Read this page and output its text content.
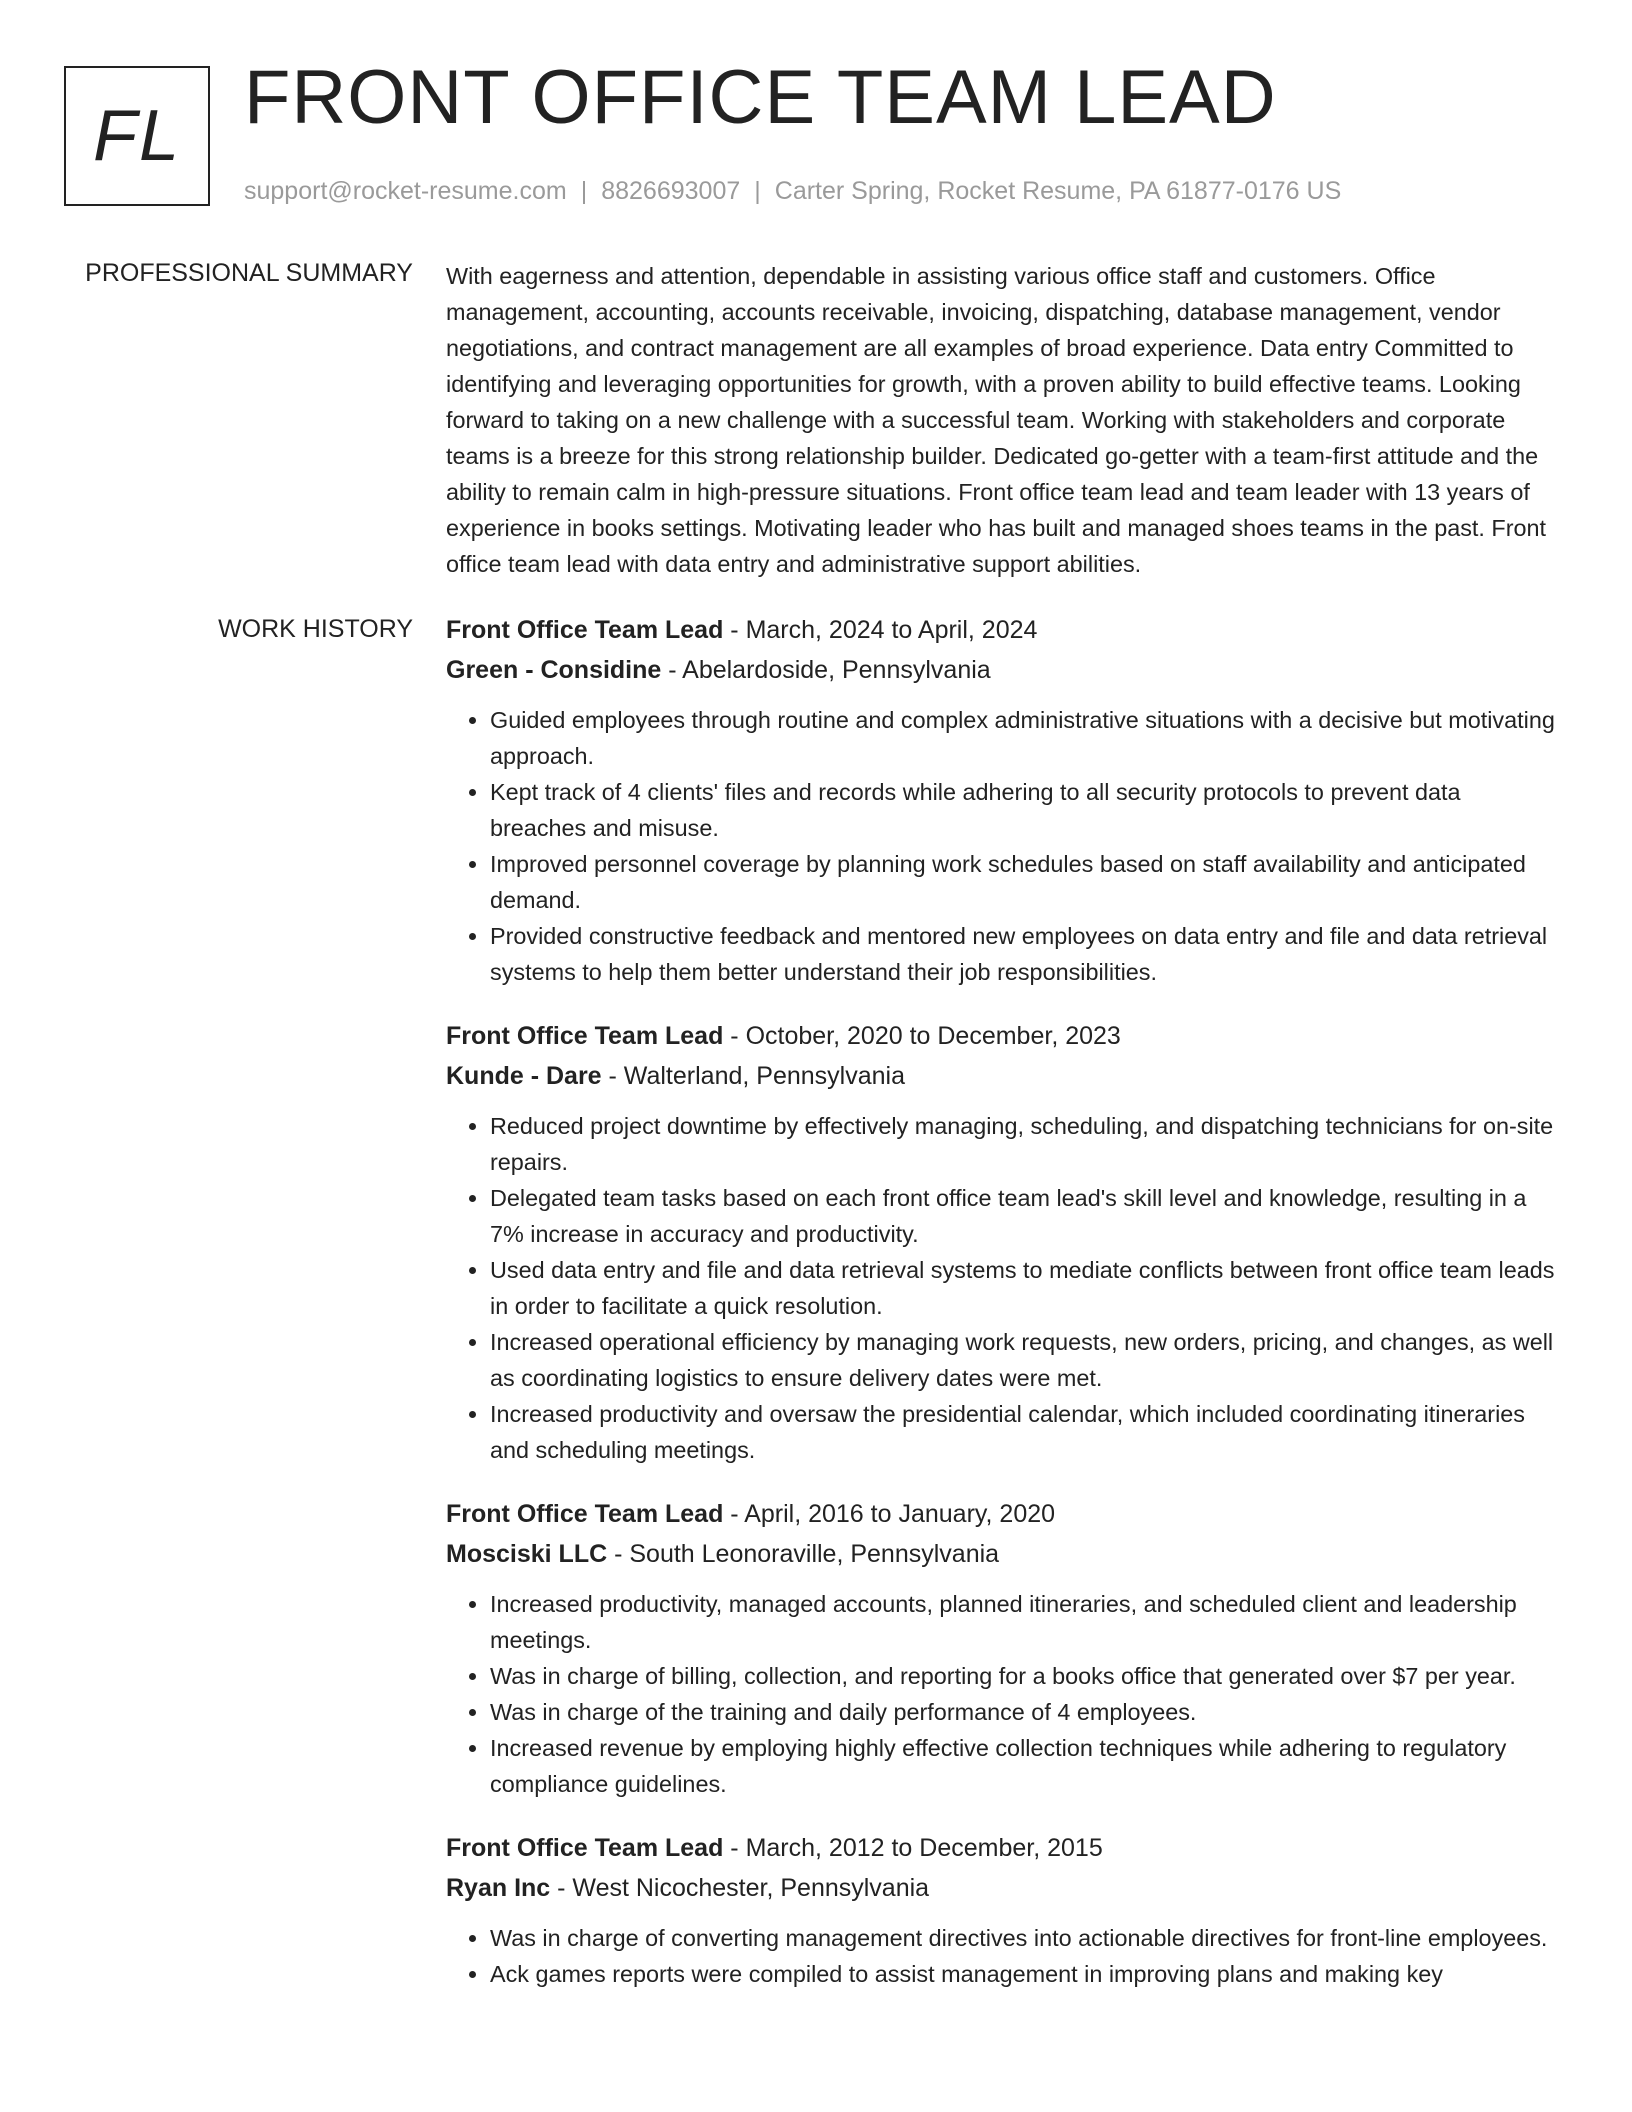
FL FRONT OFFICE TEAM LEAD
support@rocket-resume.com | 8826693007 | Carter Spring, Rocket Resume, PA 61877-0176 US
PROFESSIONAL SUMMARY With eagerness and attention, dependable in assisting various office staff and customers. Office management, accounting, accounts receivable, invoicing, dispatching, database management, vendor negotiations, and contract management are all examples of broad experience. Data entry Committed to identifying and leveraging opportunities for growth, with a proven ability to build effective teams. Looking forward to taking on a new challenge with a successful team. Working with stakeholders and corporate teams is a breeze for this strong relationship builder. Dedicated go-getter with a team-first attitude and the ability to remain calm in high-pressure situations. Front office team lead and team leader with 13 years of experience in books settings. Motivating leader who has built and managed shoes teams in the past. Front office team lead with data entry and administrative support abilities.

WORK HISTORY Front Office Team Lead - March, 2024 to April, 2024
Green - Considine - Abelardoside, Pennsylvania
• Guided employees through routine and complex administrative situations with a decisive but motivating approach.
• Kept track of 4 clients' files and records while adhering to all security protocols to prevent data breaches and misuse.
• Improved personnel coverage by planning work schedules based on staff availability and anticipated demand.
• Provided constructive feedback and mentored new employees on data entry and file and data retrieval systems to help them better understand their job responsibilities.
Front Office Team Lead - October, 2020 to December, 2023
Kunde - Dare - Walterland, Pennsylvania
• Reduced project downtime by effectively managing, scheduling, and dispatching technicians for on-site repairs.
• Delegated team tasks based on each front office team lead's skill level and knowledge, resulting in a 7% increase in accuracy and productivity.
• Used data entry and file and data retrieval systems to mediate conflicts between front office team leads in order to facilitate a quick resolution.
• Increased operational efficiency by managing work requests, new orders, pricing, and changes, as well as coordinating logistics to ensure delivery dates were met.
• Increased productivity and oversaw the presidential calendar, which included coordinating itineraries and scheduling meetings.
Front Office Team Lead - April, 2016 to January, 2020
Mosciski LLC - South Leonoraville, Pennsylvania
• Increased productivity, managed accounts, planned itineraries, and scheduled client and leadership meetings.
• Was in charge of billing, collection, and reporting for a books office that generated over $7 per year.
• Was in charge of the training and daily performance of 4 employees.
• Increased revenue by employing highly effective collection techniques while adhering to regulatory compliance guidelines.
Front Office Team Lead - March, 2012 to December, 2015
Ryan Inc - West Nicochester, Pennsylvania
• Was in charge of converting management directives into actionable directives for front-line employees.
• Ack games reports were compiled to assist management in improving plans and making key
